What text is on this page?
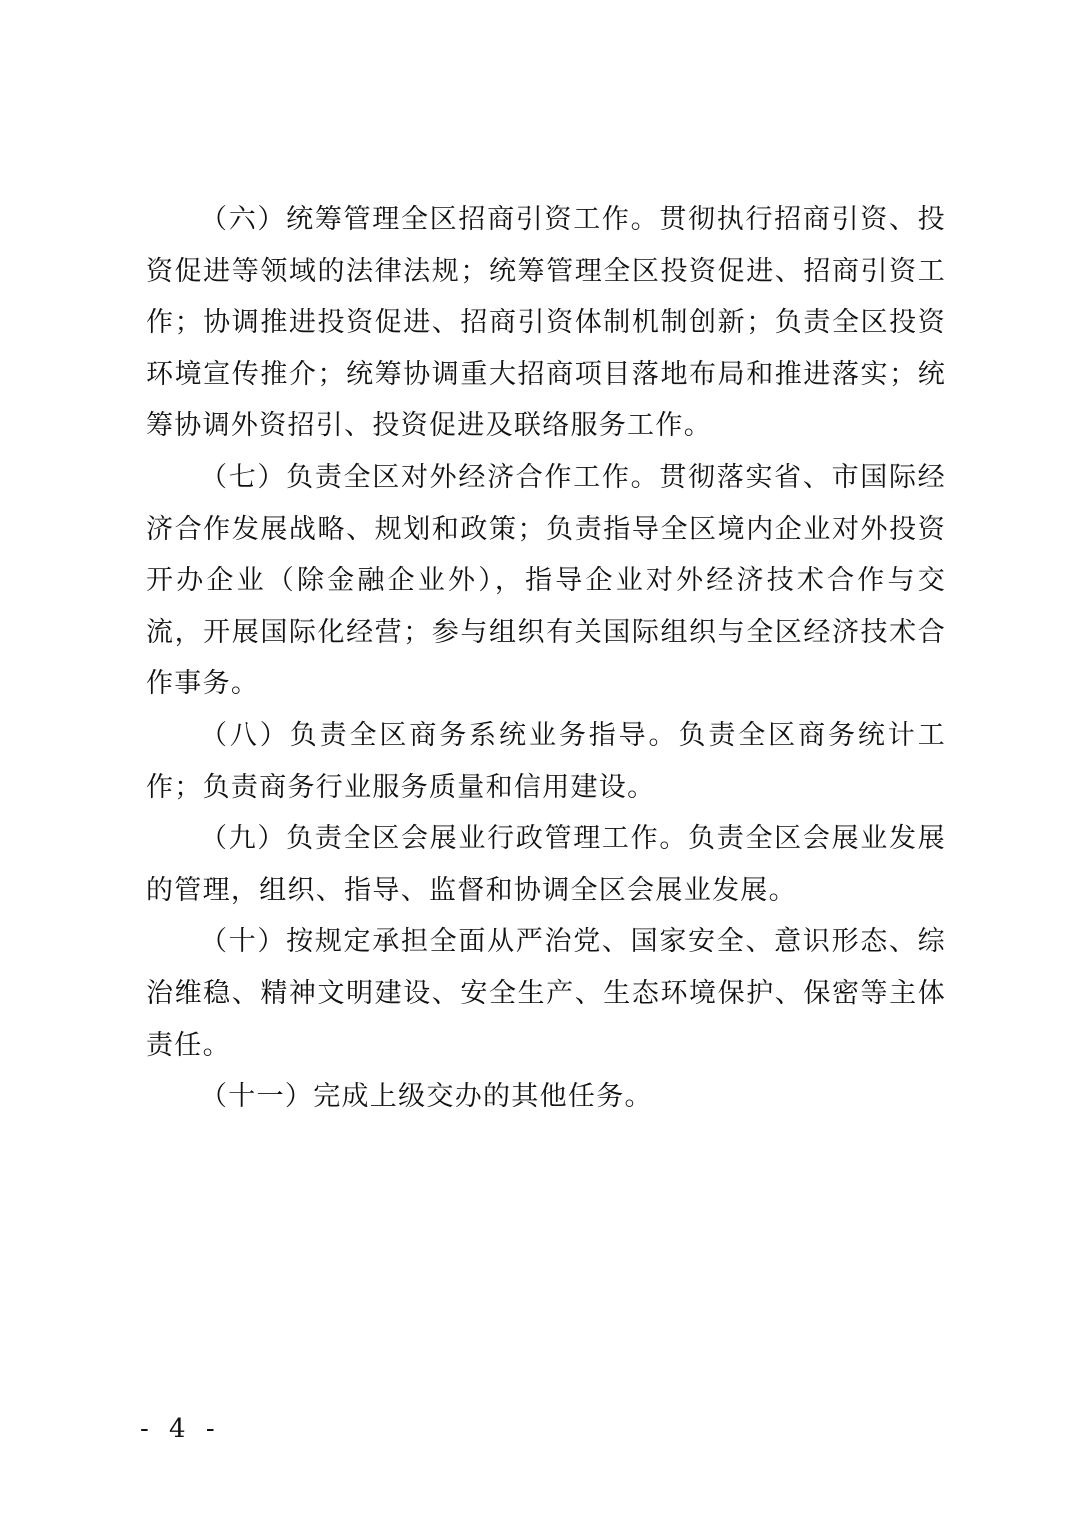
（六）统筹管理全区招商引资工作。贯彻执行招商引资、投资促进等领域的法律法规；统筹管理全区投资促进、招商引资工作；协调推进投资促进、招商引资体制机制创新；负责全区投资环境宣传推介；统筹协调重大招商项目落地布局和推进落实；统筹协调外资招引、投资促进及联络服务工作。

（七）负责全区对外经济合作工作。贯彻落实省、市国际经济合作发展战略、规划和政策；负责指导全区境内企业对外投资开办企业（除金融企业外），指导企业对外经济技术合作与交流，开展国际化经营；参与组织有关国际组织与全区经济技术合作事务。

（八）负责全区商务系统业务指导。负责全区商务统计工作；负责商务行业服务质量和信用建设。

（九）负责全区会展业行政管理工作。负责全区会展业发展的管理，组织、指导、监督和协调全区会展业发展。

（十）按规定承担全面从严治党、国家安全、意识形态、综治维稳、精神文明建设、安全生产、生态环境保护、保密等主体责任。

（十一）完成上级交办的其他任务。

- 4 -
